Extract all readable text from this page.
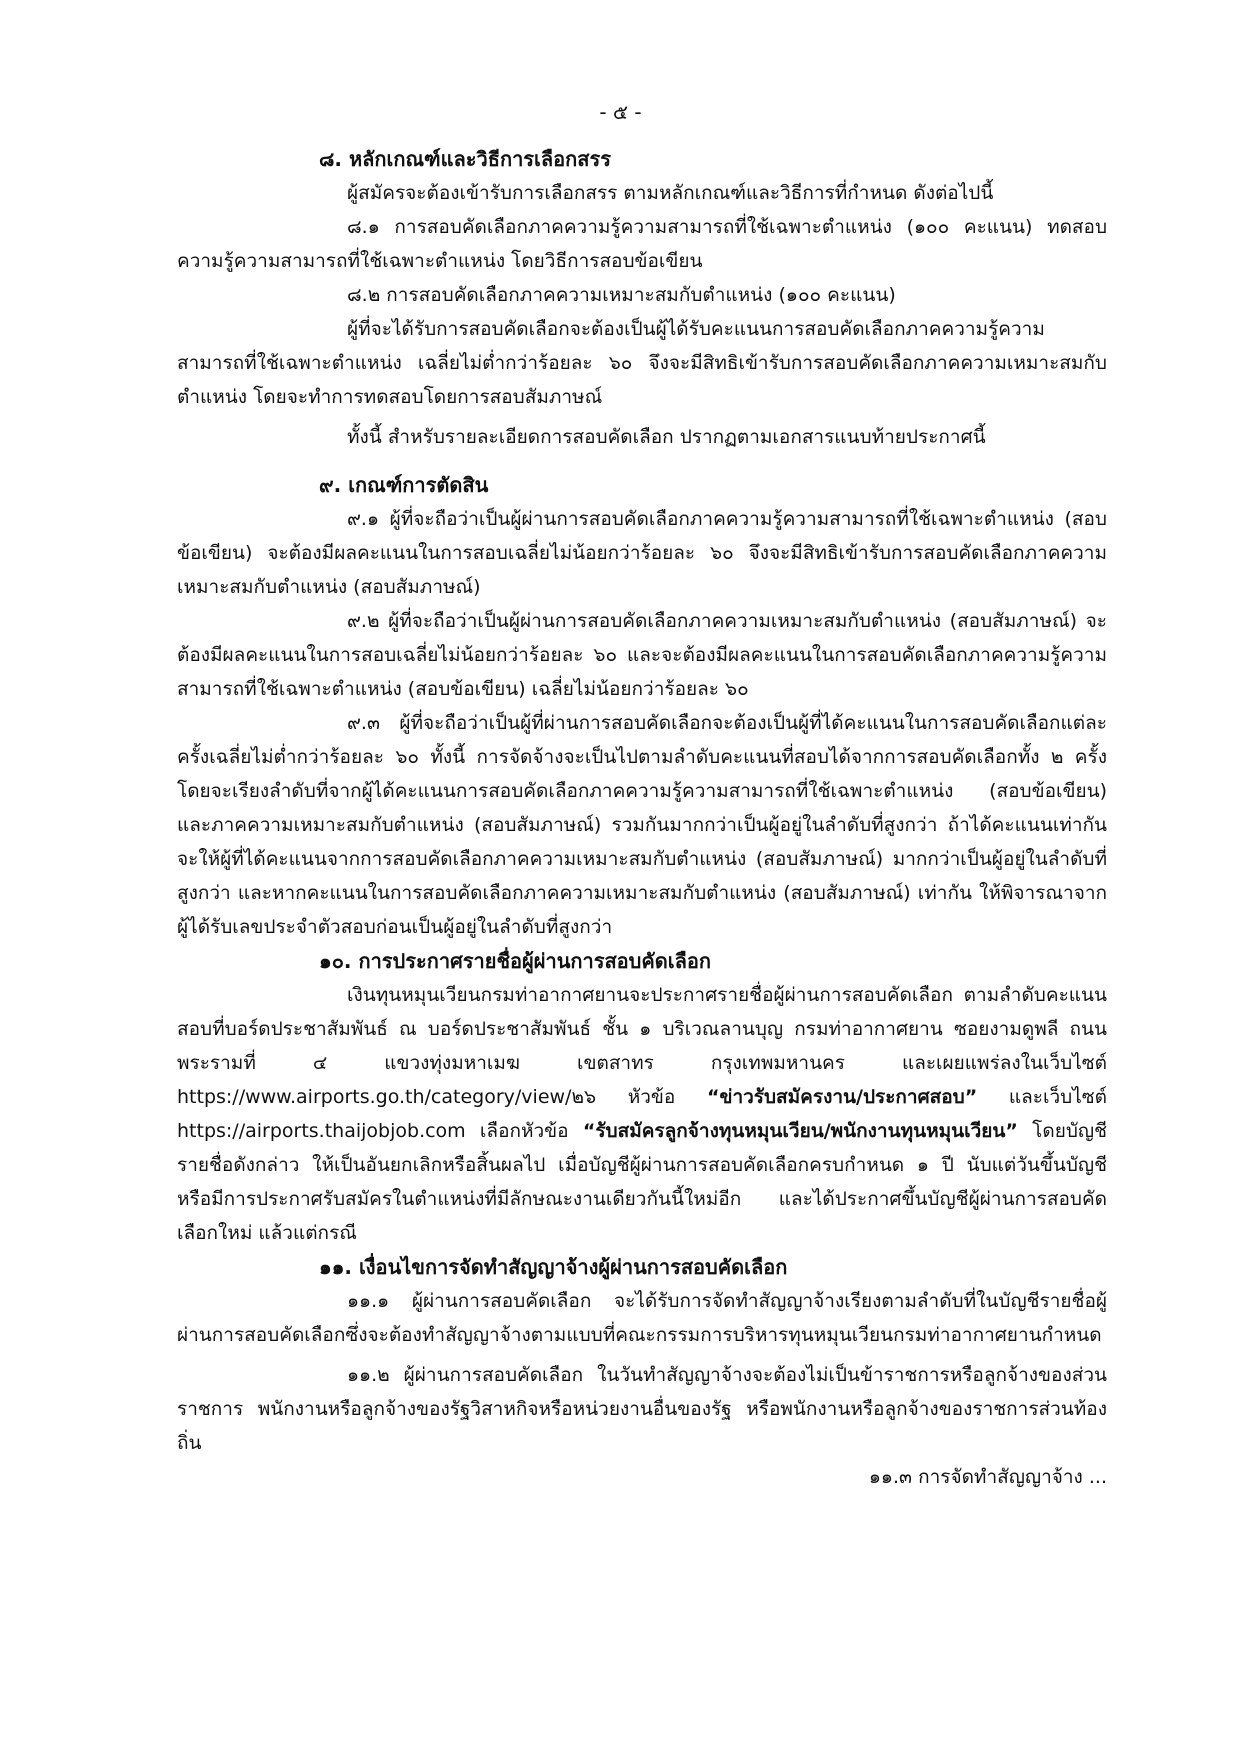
- ๕ -
๘. หลักเกณฑ์และวิธีการเลือกสรร
ผู้สมัครจะต้องเข้ารับการเลือกสรร ตามหลักเกณฑ์และวิธีการที่กำหนด ดังต่อไปนี้
๘.๑ การสอบคัดเลือกภาคความรู้ความสามารถที่ใช้เฉพาะตำแหน่ง (๑๐๐ คะแนน) ทดสอบความรู้ความสามารถที่ใช้เฉพาะตำแหน่ง โดยวิธีการสอบข้อเขียน
๘.๒ การสอบคัดเลือกภาคความเหมาะสมกับตำแหน่ง (๑๐๐ คะแนน)
ผู้ที่จะได้รับการสอบคัดเลือกจะต้องเป็นผู้ได้รับคะแนนการสอบคัดเลือกภาคความรู้ความสามารถที่ใช้เฉพาะตำแหน่ง เฉลี่ยไม่ต่ำกว่าร้อยละ ๖๐ จึงจะมีสิทธิเข้ารับการสอบคัดเลือกภาคความเหมาะสมกับตำแหน่ง โดยจะทำการทดสอบโดยการสอบสัมภาษณ์
ทั้งนี้ สำหรับรายละเอียดการสอบคัดเลือก ปรากฏตามเอกสารแนบท้ายประกาศนี้
๙. เกณฑ์การตัดสิน
๙.๑ ผู้ที่จะถือว่าเป็นผู้ผ่านการสอบคัดเลือกภาคความรู้ความสามารถที่ใช้เฉพาะตำแหน่ง (สอบข้อเขียน) จะต้องมีผลคะแนนในการสอบเฉลี่ยไม่น้อยกว่าร้อยละ ๖๐ จึงจะมีสิทธิเข้ารับการสอบคัดเลือกภาคความเหมาะสมกับตำแหน่ง (สอบสัมภาษณ์)
๙.๒ ผู้ที่จะถือว่าเป็นผู้ผ่านการสอบคัดเลือกภาคความเหมาะสมกับตำแหน่ง (สอบสัมภาษณ์) จะต้องมีผลคะแนนในการสอบเฉลี่ยไม่น้อยกว่าร้อยละ ๖๐ และจะต้องมีผลคะแนนในการสอบคัดเลือกภาคความรู้ความสามารถที่ใช้เฉพาะตำแหน่ง (สอบข้อเขียน) เฉลี่ยไม่น้อยกว่าร้อยละ ๖๐
๙.๓ ผู้ที่จะถือว่าเป็นผู้ที่ผ่านการสอบคัดเลือกจะต้องเป็นผู้ที่ได้คะแนนในการสอบคัดเลือกแต่ละครั้งเฉลี่ยไม่ต่ำกว่าร้อยละ ๖๐ ทั้งนี้ การจัดจ้างจะเป็นไปตามลำดับคะแนนที่สอบได้จากการสอบคัดเลือกทั้ง ๒ ครั้ง โดยจะเรียงลำดับที่จากผู้ได้คะแนนการสอบคัดเลือกภาคความรู้ความสามารถที่ใช้เฉพาะตำแหน่ง (สอบข้อเขียน) และภาคความเหมาะสมกับตำแหน่ง (สอบสัมภาษณ์) รวมกันมากกว่าเป็นผู้อยู่ในลำดับที่สูงกว่า ถ้าได้คะแนนเท่ากันจะให้ผู้ที่ได้คะแนนจากการสอบคัดเลือกภาคความเหมาะสมกับตำแหน่ง (สอบสัมภาษณ์) มากกว่าเป็นผู้อยู่ในลำดับที่สูงกว่า และหากคะแนนในการสอบคัดเลือกภาคความเหมาะสมกับตำแหน่ง (สอบสัมภาษณ์) เท่ากัน ให้พิจารณาจากผู้ได้รับเลขประจำตัวสอบก่อนเป็นผู้อยู่ในลำดับที่สูงกว่า
๑๐. การประกาศรายชื่อผู้ผ่านการสอบคัดเลือก
เงินทุนหมุนเวียนกรมท่าอากาศยานจะประกาศรายชื่อผู้ผ่านการสอบคัดเลือก ตามลำดับคะแนนสอบที่บอร์ดประชาสัมพันธ์ ณ บอร์ดประชาสัมพันธ์ ชั้น ๑ บริเวณลานบุญ กรมท่าอากาศยาน ซอยงามดูพลี ถนนพระรามที่ ๔ แขวงทุ่งมหาเมฆ เขตสาทร กรุงเทพมหานคร และเผยแพร่ลงในเว็บไซต์ https://www.airports.go.th/category/view/๒๖ หัวข้อ “ข่าวรับสมัครงาน/ประกาศสอบ” และเว็บไซต์ https://airports.thaijobjob.com เลือกหัวข้อ “รับสมัครลูกจ้างทุนหมุนเวียน/พนักงานทุนหมุนเวียน” โดยบัญชีรายชื่อดังกล่าว ให้เป็นอันยกเลิกหรือสิ้นผลไป เมื่อบัญชีผู้ผ่านการสอบคัดเลือกครบกำหนด ๑ ปี นับแต่วันขึ้นบัญชี หรือมีการประกาศรับสมัครในตำแหน่งที่มีลักษณะงานเดียวกันนี้ใหม่อีก และได้ประกาศขึ้นบัญชีผู้ผ่านการสอบคัดเลือกใหม่ แล้วแต่กรณี
๑๑. เงื่อนไขการจัดทำสัญญาจ้างผู้ผ่านการสอบคัดเลือก
๑๑.๑ ผู้ผ่านการสอบคัดเลือก จะได้รับการจัดทำสัญญาจ้างเรียงตามลำดับที่ในบัญชีรายชื่อผู้ผ่านการสอบคัดเลือกซึ่งจะต้องทำสัญญาจ้างตามแบบที่คณะกรรมการบริหารทุนหมุนเวียนกรมท่าอากาศยานกำหนด
๑๑.๒ ผู้ผ่านการสอบคัดเลือก ในวันทำสัญญาจ้างจะต้องไม่เป็นข้าราชการหรือลูกจ้างของส่วนราชการ พนักงานหรือลูกจ้างของรัฐวิสาหกิจหรือหน่วยงานอื่นของรัฐ หรือพนักงานหรือลูกจ้างของราชการส่วนท้องถิ่น
๑๑.๓ การจัดทำสัญญาจ้าง ...
